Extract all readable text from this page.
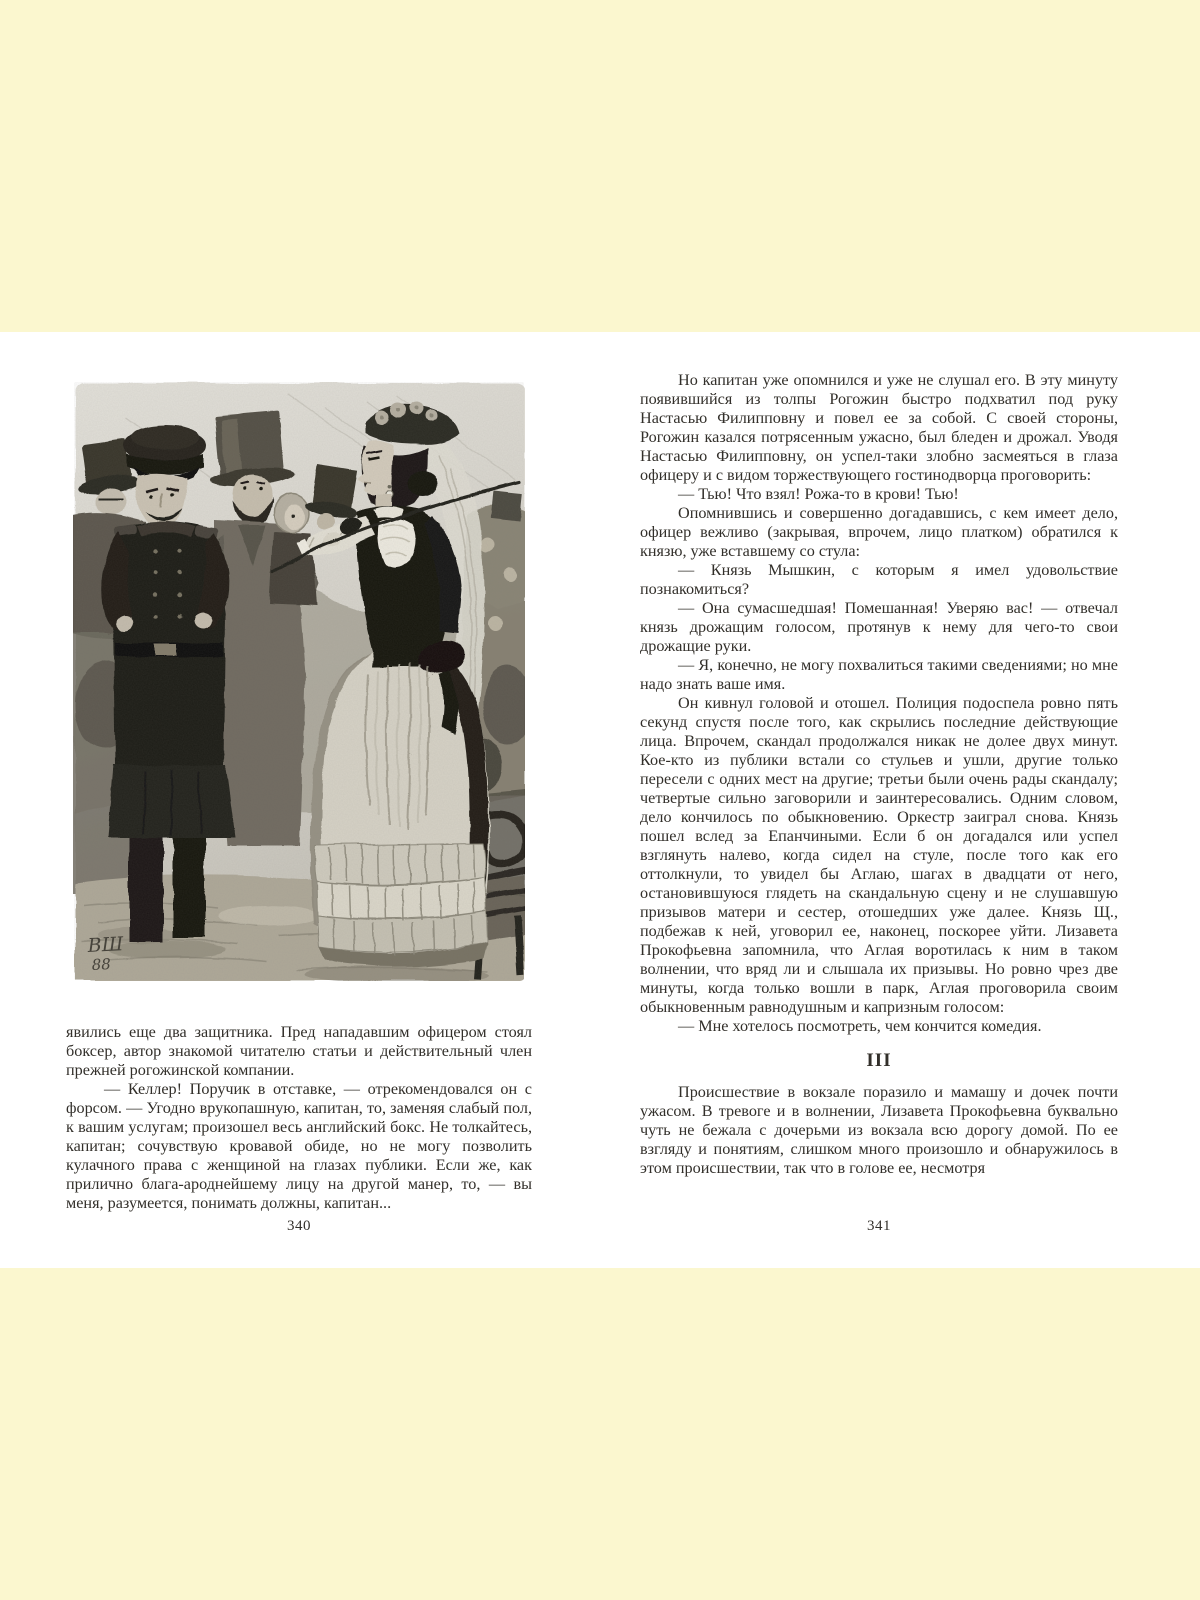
ВШ
88

явились еще два защитника. Пред нападавшим офицером стоял боксер, автор знакомой читателю статьи и действительный член прежней рогожинской компании.

— Келлер! Поручик в отставке, — отрекомендовался он с форсом. — Угодно врукопашную, капитан, то, заменяя слабый пол, к вашим услугам; произошел весь английский бокс. Не толкайтесь, капитан; сочувствую кровавой обиде, но не могу позволить кулачного права с женщиной на глазах публики. Если же, как прилично блага-ароднейшему лицу на другой манер, то, — вы меня, разумеется, понимать должны, капитан...

340

Но капитан уже опомнился и уже не слушал его. В эту минуту появившийся из толпы Рогожин быстро подхватил под руку Настасью Филипповну и повел ее за собой. С своей стороны, Рогожин казался потрясенным ужасно, был бледен и дрожал. Уводя Настасью Филипповну, он успел-таки злобно засмеяться в глаза офицеру и с видом торжествующего гостинодворца проговорить:

— Тью! Что взял! Рожа-то в крови! Тью!

Опомнившись и совершенно догадавшись, с кем имеет дело, офицер вежливо (закрывая, впрочем, лицо платком) обратился к князю, уже вставшему со стула:

— Князь Мышкин, с которым я имел удовольствие познакомиться?

— Она сумасшедшая! Помешанная! Уверяю вас! — отвечал князь дрожащим голосом, протянув к нему для чего-то свои дрожащие руки.

— Я, конечно, не могу похвалиться такими сведениями; но мне надо знать ваше имя.

Он кивнул головой и отошел. Полиция подоспела ровно пять секунд спустя после того, как скрылись последние действующие лица. Впрочем, скандал продолжался никак не долее двух минут. Кое-кто из публики встали со стульев и ушли, другие только пересели с одних мест на другие; третьи были очень рады скандалу; четвертые сильно заговорили и заинтересовались. Одним словом, дело кончилось по обыкновению. Оркестр заиграл снова. Князь пошел вслед за Епанчиными. Если б он догадался или успел взглянуть налево, когда сидел на стуле, после того как его оттолкнули, то увидел бы Аглаю, шагах в двадцати от него, остановившуюся глядеть на скандальную сцену и не слушавшую призывов матери и сестер, отошедших уже далее. Князь Щ., подбежав к ней, уговорил ее, наконец, поскорее уйти. Лизавета Прокофьевна запомнила, что Аглая воротилась к ним в таком волнении, что вряд ли и слышала их призывы. Но ровно чрез две минуты, когда только вошли в парк, Аглая проговорила своим обыкновенным равнодушным и капризным голосом:

— Мне хотелось посмотреть, чем кончится комедия.

III

Происшествие в вокзале поразило и мамашу и дочек почти ужасом. В тревоге и в волнении, Лизавета Прокофьевна буквально чуть не бежала с дочерьми из вокзала всю дорогу домой. По ее взгляду и понятиям, слишком много произошло и обнаружилось в этом происшествии, так что в голове ее, несмотря

341
